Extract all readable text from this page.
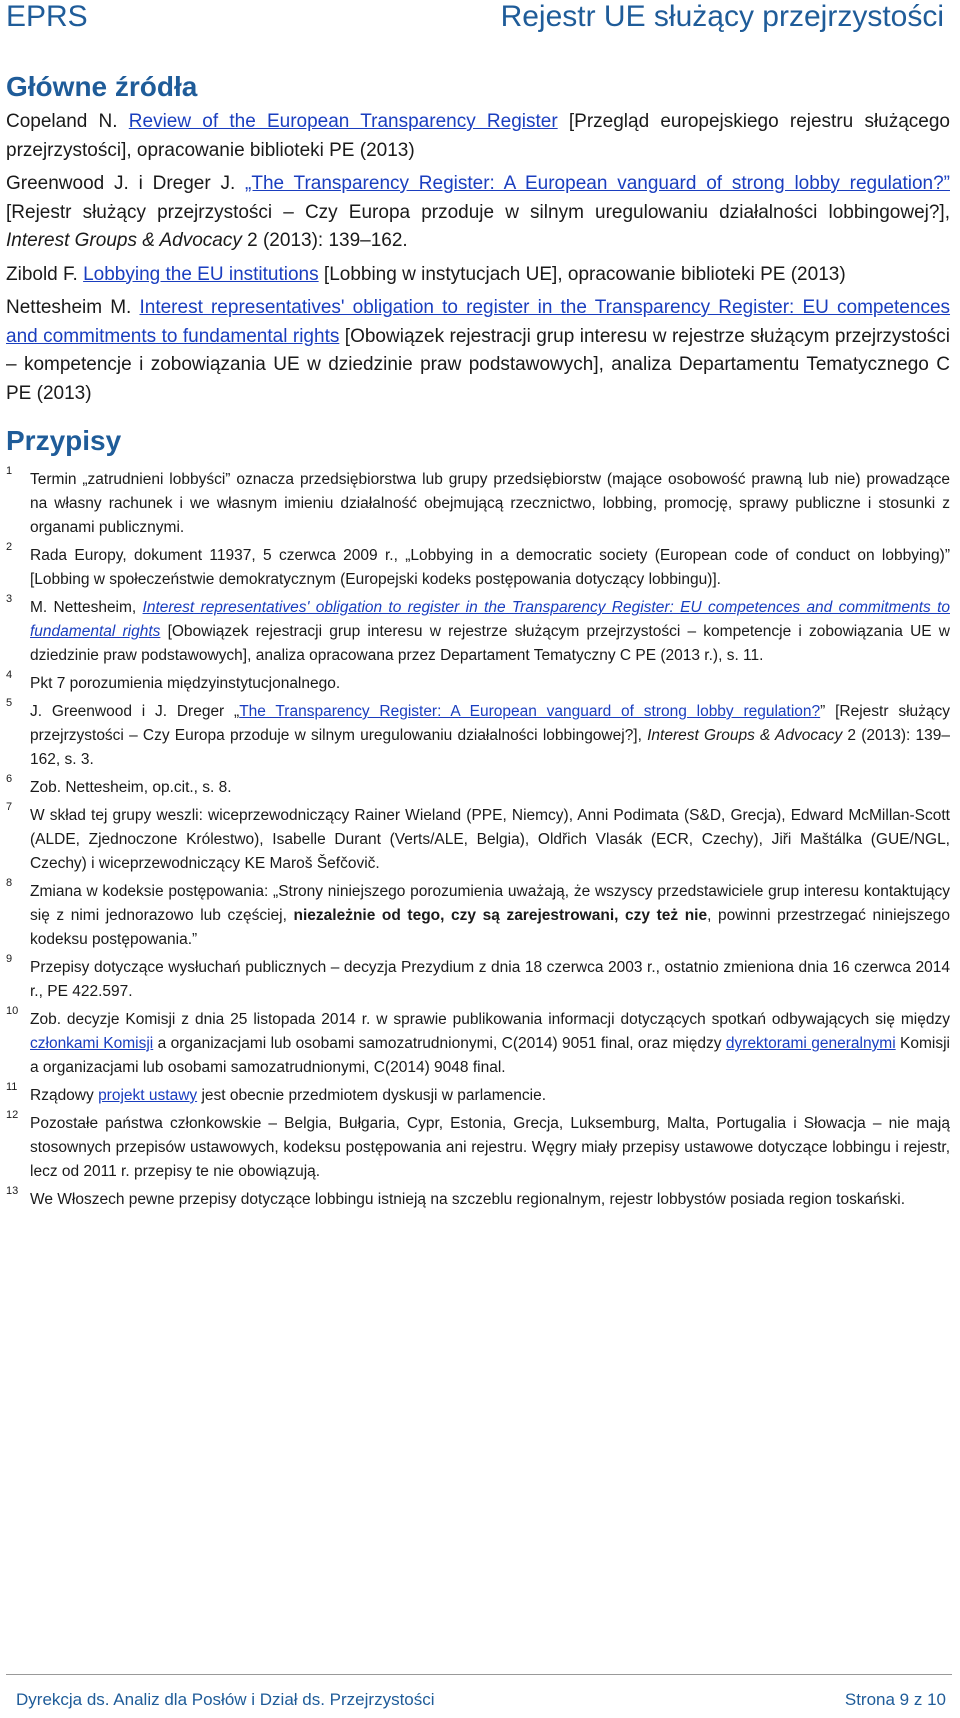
EPRS	Rejestr UE służący przejrzystości
Główne źródła

Copeland N. Review of the European Transparency Register [Przegląd europejskiego rejestru służącego przejrzystości], opracowanie biblioteki PE (2013)

Greenwood J. i Dreger J. „The Transparency Register: A European vanguard of strong lobby regulation?” [Rejestr służący przejrzystości – Czy Europa przoduje w silnym uregulowaniu działalności lobbingowej?], Interest Groups & Advocacy 2 (2013): 139–162.

Zibold F. Lobbying the EU institutions [Lobbing w instytucjach UE], opracowanie biblioteki PE (2013)

Nettesheim M. Interest representatives' obligation to register in the Transparency Register: EU competences and commitments to fundamental rights [Obowiązek rejestracji grup interesu w rejestrze służącym przejrzystości – kompetencje i zobowiązania UE w dziedzinie praw podstawowych], analiza Departamentu Tematycznego C PE (2013)

Przypisy
1	Termin „zatrudnieni lobbyści” oznacza przedsiębiorstwa lub grupy przedsiębiorstw (mające osobowość prawną lub nie) prowadzące na własny rachunek i we własnym imieniu działalność obejmującą rzecznictwo, lobbing, promocję, sprawy publiczne i stosunki z organami publicznymi.
2	Rada Europy, dokument 11937, 5 czerwca 2009 r., „Lobbying in a democratic society (European code of conduct on lobbying)” [Lobbing w społeczeństwie demokratycznym (Europejski kodeks postępowania dotyczący lobbingu)].
3	M. Nettesheim, Interest representatives' obligation to register in the Transparency Register: EU competences and commitments to fundamental rights [Obowiązek rejestracji grup interesu w rejestrze służącym przejrzystości – kompetencje i zobowiązania UE w dziedzinie praw podstawowych], analiza opracowana przez Departament Tematyczny C PE (2013 r.), s. 11.
4	Pkt 7 porozumienia międzyinstytucjonalnego.
5	J. Greenwood i J. Dreger „The Transparency Register: A European vanguard of strong lobby regulation?” [Rejestr służący przejrzystości – Czy Europa przoduje w silnym uregulowaniu działalności lobbingowej?], Interest Groups & Advocacy 2 (2013): 139–162, s. 3.
6	Zob. Nettesheim, op.cit., s. 8.
7	W skład tej grupy weszli: wiceprzewodniczący Rainer Wieland (PPE, Niemcy), Anni Podimata (S&D, Grecja), Edward McMillan-Scott (ALDE, Zjednoczone Królestwo), Isabelle Durant (Verts/ALE, Belgia), Oldřich Vlasák (ECR, Czechy), Jiři Maštálka (GUE/NGL, Czechy) i wiceprzewodniczący KE Maroš Šefčovič.
8	Zmiana w kodeksie postępowania: „Strony niniejszego porozumienia uważają, że wszyscy przedstawiciele grup interesu kontaktujący się z nimi jednorazowo lub częściej, niezależnie od tego, czy są zarejestrowani, czy też nie, powinni przestrzegać niniejszego kodeksu postępowania.”
9	Przepisy dotyczące wysłuchań publicznych – decyzja Prezydium z dnia 18 czerwca 2003 r., ostatnio zmieniona dnia 16 czerwca 2014 r., PE 422.597.
10 Zob. decyzje Komisji z dnia 25 listopada 2014 r. w sprawie publikowania informacji dotyczących spotkań odbywających się między członkami Komisji a organizacjami lub osobami samozatrudnionymi, C(2014) 9051 final, oraz między dyrektorami generalnymi Komisji a organizacjami lub osobami samozatrudnionymi, C(2014) 9048 final.
11 Rządowy projekt ustawy jest obecnie przedmiotem dyskusji w parlamencie.
12 Pozostałe państwa członkowskie – Belgia, Bułgaria, Cypr, Estonia, Grecja, Luksemburg, Malta, Portugalia i Słowacja – nie mają stosownych przepisów ustawowych, kodeksu postępowania ani rejestru. Węgry miały przepisy ustawowe dotyczące lobbingu i rejestr, lecz od 2011 r. przepisy te nie obowiązują.
13 We Włoszech pewne przepisy dotyczące lobbingu istnieją na szczeblu regionalnym, rejestr lobbystów posiada region toskański.
Dyrekcja ds. Analiz dla Posłów i Dział ds. Przejrzystości	Strona 9 z 10
